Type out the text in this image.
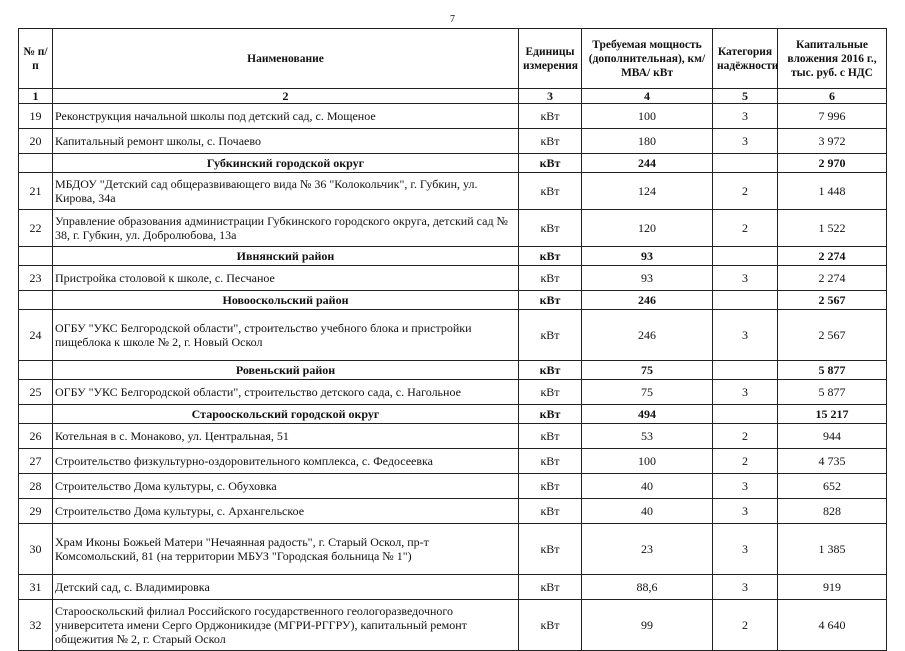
7
№ п/п	Наименование	Единицы измерения	Требуемая мощность (дополнительная), км/ МВА/ кВт	Категория надёжности	Капитальные вложения 2016 г., тыс. руб. с НДС
1	2	3	4	5	6
19	Реконструкция начальной школы под детский сад, с. Мощеное	кВт	100	3	7 996
20	Капитальный ремонт школы, с. Почаево	кВт	180	3	3 972
	Губкинский городской округ	кВт	244		2 970
21	МБДОУ "Детский сад общеразвивающего вида № 36 "Колокольчик", г. Губкин, ул. Кирова, 34а	кВт	124	2	1 448
22	Управление образования администрации Губкинского городского округа, детский сад № 38, г. Губкин, ул. Добролюбова, 13а	кВт	120	2	1 522
	Ивнянский район	кВт	93		2 274
23	Пристройка столовой к школе, с. Песчаное	кВт	93	3	2 274
	Новооскольский район	кВт	246		2 567
24	ОГБУ "УКС Белгородской области", строительство учебного блока и пристройки пищеблока к школе № 2, г. Новый Оскол	кВт	246	3	2 567
	Ровеньский район	кВт	75		5 877
25	ОГБУ "УКС Белгородской области", строительство детского сада, с. Нагольное	кВт	75	3	5 877
	Старооскольский городской округ	кВт	494		15 217
26	Котельная в с. Монаково, ул. Центральная, 51	кВт	53	2	944
27	Строительство физкультурно-оздоровительного комплекса, с. Федосеевка	кВт	100	2	4 735
28	Строительство Дома культуры, с. Обуховка	кВт	40	3	652
29	Строительство Дома культуры, с. Архангельское	кВт	40	3	828
30	Храм Иконы Божьей Матери "Нечаянная радость", г. Старый Оскол, пр-т Комсомольский, 81 (на территории МБУЗ "Городская больница № 1")	кВт	23	3	1 385
31	Детский сад, с. Владимировка	кВт	88,6	3	919
32	Старооскольский филиал Российского государственного геологоразведочного университета имени Серго Орджоникидзе (МГРИ-РГГРУ), капитальный ремонт общежития № 2, г. Старый Оскол	кВт	99	2	4 640
